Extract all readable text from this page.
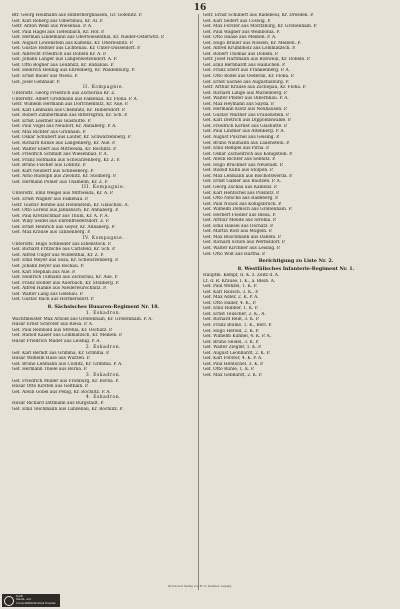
16
Bfr. Georg Heilmann aus Hinterberghausen, Gr. Gofenitz. P.
Gef. Kurl Roberg aus Olbernhau, Kr. Al. P.
Gefr. Anton Weiß aus Wiesenau. P. Ä.
Gef. Paul Hagel aus Tiefenbach, Kr. Hof. P.
Gef. Herman Lindemann aus Oberwiesenthal, Kr. Nieder-Osterwitz. P.
Gef. August Löwenstein aus Kamenz, Kr. Oberlösnitz. P.
Gef. Gustav Bößner aus Lichtenau. Kr. Unter-Düsseldorf. P.
Gef. Albrecht Friedrich aus Döbeln Kr. A. P.
Gef. Johann Langer aus Langenwetzendorf. Ä. P.
Gef. Otto Bogner aus Leubnitz, Kr. Rabanau. P.
Gef. Heinrich Hennig aus Ehrenberg, Kr. Waldenburg. P.
Gef. Ernst Bauer aus Wiesa. P.
Gef. Josef Gehlhaar. P.
II. Kompagnie.
Unteroffz. Georg Friedrich aus Zschorlau Kr. Z.
Unteroffz. Albert Großmann aus Falkenau, Kr. Flöha. P. Ä.
Gefr. Wilhelm Hermann aus Dorfchemnitz, Kr. Aue. P.
Gef. Karl Lehmann aus Chemnitz, Kr. Hilbersdorf. P.
Gef. Robert Zimmermann aus Rittersgrün, Kr. Sch. P.
Gef. Ernst Leistner aus Glashütte. P.
Gef. Paul Vogel aus Neudorf, Kr. Annaberg. P. Ä.
Gef. Max Richter aus Grünhain. P.
Gef. Oskar Schubert aus Lauter, Kr. Schwarzenberg. P.
Gef. Richard Kunze aus Langenberg, Kr. Aue. P.
Gef. Walter Ebert aus Mittweida, Kr. Rochlitz. P.
Gef. Friedrich Schmidt aus Wiesenbad. P. Ä.
Gef. Franz Hofmann aus Schwarzenberg, Kr. Z. P.
Gef. Bruno Fischer aus Lößnitz. P.
Gef. Kurt Neubert aus Schneeberg. P.
Gef. Arno Rudolph aus Zwönitz, Kr. Stollberg. P.
Gef. Hermann Pöhler aus Thalheim, Kr. Z. P.
III. Kompagnie.
Unteroffz. Emil Weigel aus Mittweida, Kr. A. P.
Gef. Ernst Wagner aus Falkenau. P.
Gefr. Gustav Böhme aus Hohenstein, Kr. Glauchau. Ä.
Gef. Otto Lorenz aus Jahnsbach, Kr. Annaberg. P.
Gef. Paul Kretzschmar aus Thum, Kr. A. P. Ä.
Gef. Willy Seidel aus Ehrenfriedersdorf. Z. P.
Gef. Ernst Heinrich aus Geyer, Kr. Annaberg. P.
Gef. Max Krause aus Tannenberg. P.
IV. Kompagnie.
Unteroffz. Hugo Schneider aus Eibenstock. P.
Gef. Richard Fritzsche aus Carlsfeld, Kr. Sch. P.
Gef. Alfred Unger aus Wildenthal, Kr. Z. P.
Gef. Emil Meyer aus Sosa, Kr. Schwarzenberg. P.
Gef. Johann Beyer aus Bockau. P.
Gef. Karl Stephan aus Aue. P.
Gef. Heinrich Ullmann aus Zschorlau, Kr. Aue. P.
Gef. Franz Hößler aus Auerbach, Kr. Stollberg. P.
Gef. Alfred Hanke aus Niederwürschnitz. P.
Gef. Walter Lang aus Gelenau. P.
Gef. Gustav Bach aus Hormersdorf. P.
8. Sächsisches Husaren-Regiment Nr. 18.
1. Eskadron.
Wachtmeister Max Arnold aus Großenhain, Kr. Großenhain. P. Ä.
Husar Ernst Schröter aus Riesa. P. Ä.
Gef. Paul Reinhold aus Strehla, Kr. Oschatz. P.
Gef. Rudolf Kaiser aus Lommatzsch, Kr. Meißen. P.
Husar Friedrich Mäder aus Leisnig. P. Ä.
2. Eskadron.
Gef. Karl Berndt aus Grimma, Kr. Grimma. P.
Husar Wilhelm Hase aus Wurzen. P.
Gef. Bruno Lehmann aus Colditz, Kr. Grimma. P. Ä.
Gef. Hermann Thiele aus Borna. P.
3. Eskadron.
Gef. Friedrich Müller aus Frohburg, Kr. Borna. P.
Husar Otto Kirsten aus Geithain. P.
Gef. Alwin Göbel aus Penig, Kr. Rochlitz. P. Ä.
4. Eskadron.
Husar Richard Dittmann aus Burgstädt. P.
Gef. Emil Teichmann aus Lunzenau, Kr. Rochlitz. P.
Gefr. Ernst Schubert aus Radebeul, Kr. Dresden. P.
Gef. Karl Seifert aus Coswig. P.
Gef. Max Förster aus Moritzburg, Kr. Großenhain. P.
Gef. Paul Wagner aus Weinböhla. P.
Gef. Otto Haase aus Meißen. P. Ä.
Gef. Hugo Bräuer aus Nossen, Kr. Meißen. P.
Gef. Alfred Krumbholz aus Lommatzsch. P.
Gef. Robert Thomas aus Döbeln. P.
Gefr. Josef Hartmann aus Roßwein, Kr. Döbeln. P.
Gef. Emil Bernhardt aus Hainichen. P.
Gef. Franz Ebert aus Frankenberg. P. Ä.
Gef. Otto Rödel aus Oederan, Kr. Flöha. P.
Gef. Ernst Sachse aus Augustusburg. P.
Gefr. Arthur Krause aus Zschopau, Kr. Flöha. P.
Gef. Richard Lange aus Marienberg. P.
Gef. Walter Pfeifer aus Olbernhau. P. Ä.
Gef. Max Heymann aus Sayda. P.
Gef. Hermann Klotz aus Neuhausen. P.
Gef. Gustav Walther aus Frauenstein. P.
Gef. Karl Dietrich aus Dippoldiswalde. P.
Gef. Friedrich Körner aus Glashütte. P.
Gef. Paul Lindner aus Altenberg. P. Ä.
Gef. August Püschel aus Geising. P.
Gef. Bruno Naumann aus Lauenstein. P.
Gef. Emil Hempel aus Pirna. P.
Gef. Oskar Zschiedrich aus Königstein. P.
Gef. Alwin Richter aus Sebnitz. P.
Gef. Hugo Brückner aus Neustadt. P.
Gef. Rudolf Kühn aus Stolpen. P.
Gef. Max Lehmann aus Bischofswerda. P.
Gef. Ernst Gäbler aus Bautzen. P. Ä.
Gef. Georg Zschau aus Kamenz. P.
Gef. Karl Hentschel aus Pulsnitz. P.
Gef. Otto Nitsche aus Radeberg. P.
Gef. Paul Noack aus Königsbrück. P.
Gef. Wilhelm Domsch aus Großenhain. P.
Gef. Herbert Fiedler aus Riesa. P.
Gef. Arthur Mende aus Strehla. P.
Gef. Emil Hänsel aus Oschatz. P.
Gef. Martin Rost aus Mügeln. P.
Gef. Max Buschmann aus Dahlen. P.
Gef. Richard Schön aus Wermsdorf. P.
Gef. Walter Kirchner aus Leisnig. P.
Gef. Otto Wolf aus Hartha. P.
Berichtigung zu Liste Nr. 2.
8. Westfälisches Infanterie-Regiment Nr. 1.
Hauptm. Kempf, II. K. z. Zeitz d. Ä.
Lt. d. R. Krause, I. K., a. Bleib. Ä.
Gef. Paul Wenzel, 1. K. P.
Gef. Karl Rausch, 3. K., P.
Gef. Max Adler, 2. K. P. Ä.
Gef. Otto Haller, 4. K., P.
Gef. Emil Hübner, 1. K. P.
Gef. Ernst Teuscher, 2. K., Ä.
Gef. Richard Reiß, 3. K. P.
Gef. Franz Blume, 1. K., Berl. P.
Gef. Hugo Herold, 2. K. P.
Gef. Wilhelm Kühnel, 4. K. P. Ä.
Gef. Bruno Seidel, 3. K. P.
Gef. Walter Ziegler, 1. K. P.
Gef. August Leonhardt, 2. K. P.
Gef. Karl Förster, 4. K. P. Ä.
Gef. Paul Hentschel, 3. K. P.
Gef. Otto Rühle, 1. K. P.
Gef. Max Gebhardt, 2. K. P.
Druck und Verlag von B. G. Teubner, Leipzig.
SLUB
Staats- und Universitätsbibliothek Dresden
